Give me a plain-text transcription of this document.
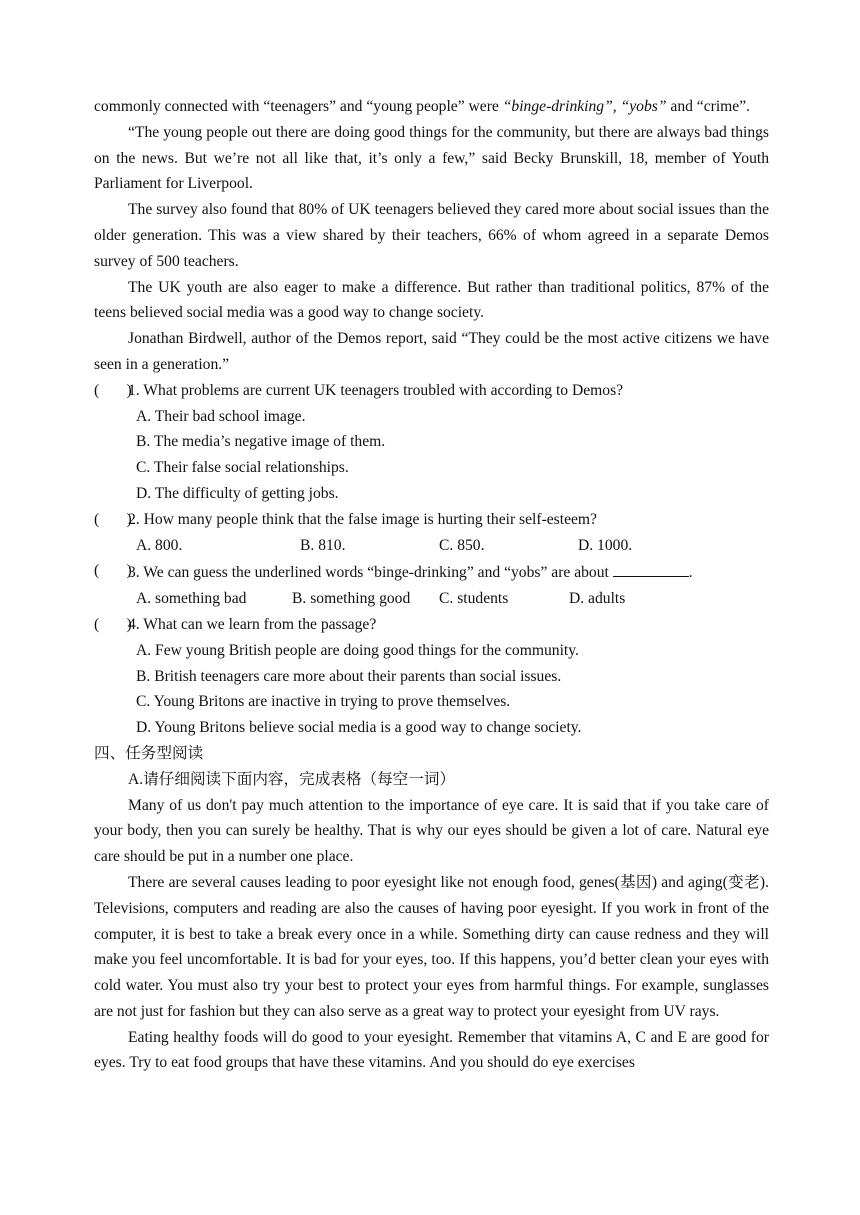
commonly connected with “teenagers” and “young people” were “binge-drinking”, “yobs” and “crime”.
“The young people out there are doing good things for the community, but there are always bad things on the news. But we’re not all like that, it’s only a few,” said Becky Brunskill, 18, member of Youth Parliament for Liverpool.
The survey also found that 80% of UK teenagers believed they cared more about social issues than the older generation. This was a view shared by their teachers, 66% of whom agreed in a separate Demos survey of 500 teachers.
The UK youth are also eager to make a difference. But rather than traditional politics, 87% of the teens believed social media was a good way to change society.
Jonathan Birdwell, author of the Demos report, said “They could be the most active citizens we have seen in a generation.”
(       )
1. What problems are current UK teenagers troubled with according to Demos?
A. Their bad school image.
B. The media’s negative image of them.
C. Their false social relationships.
D. The difficulty of getting jobs.
(       )
2. How many people think that the false image is hurting their self-esteem?
A. 800.	B. 810.	C. 850.	D. 1000.
(       )
3. We can guess the underlined words “binge-drinking” and “yobs” are about	.
A. something bad	B. something good	C. students	D. adults
(       )
4. What can we learn from the passage?
A. Few young British people are doing good things for the community.
B. British teenagers care more about their parents than social issues.
C. Young Britons are inactive in trying to prove themselves.
D. Young Britons believe social media is a good way to change society.
四、任务型阅读
A.请仔细阅读下面内容，完成表格（每空一词）
Many of us don't pay much attention to the importance of eye care. It is said that if you take care of your body, then you can surely be healthy. That is why our eyes should be given a lot of care. Natural eye care should be put in a number one place.
There are several causes leading to poor eyesight like not enough food, genes(基因) and aging(变老). Televisions, computers and reading are also the causes of having poor eyesight. If you work in front of the computer, it is best to take a break every once in a while. Something dirty can cause redness and they will make you feel uncomfortable. It is bad for your eyes, too. If this happens, you’d better clean your eyes with cold water. You must also try your best to protect your eyes from harmful things. For example, sunglasses are not just for fashion but they can also serve as a great way to protect your eyesight from UV rays.
Eating healthy foods will do good to your eyesight. Remember that vitamins A, C and E are good for eyes. Try to eat food groups that have these vitamins. And you should do eye exercises
